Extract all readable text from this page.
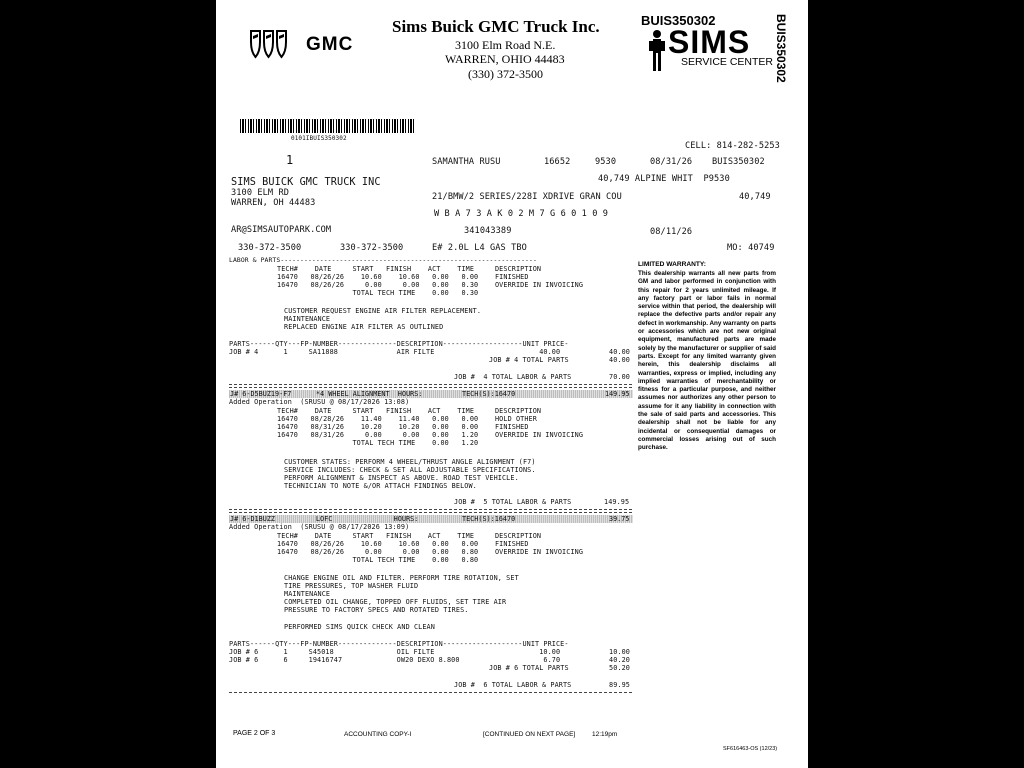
GMC
Sims Buick GMC Truck Inc.
3100 Elm Road N.E.
WARREN, OHIO 44483
(330) 372-3500
BUIS350302
SIMS
SERVICE CENTER BUIS350302
0101IBUIS350302
CELL: 814-282-5253
1	SAMANTHA RUSU	16652	9530	08/31/26 BUIS350302
SIMS BUICK GMC TRUCK INC
3100 ELM RD
WARREN, OH 44483
40,749 ALPINE WHIT  P9530
21/BMW/2 SERIES/228I XDRIVE GRAN COU	40,749
W B A 7 3 A K 0 2 M 7 G 6 0 1 0 9
AR@SIMSAUTOPARK.COM	341043389	08/11/26
330-372-3500	330-372-3500	E# 2.0L L4 GAS TBO	MO: 40749
LABOR & PARTS-----------------------------------------------------------------
TECH#    DATE     START   FINISH    ACT    TIME     DESCRIPTION
16470   08/26/26    10.60    10.60   0.00   0.00    FINISHED
16470   08/26/26     0.00     0.00   0.00   0.30    OVERRIDE IN INVOICING
TOTAL TECH TIME    0.00   0.30
CUSTOMER REQUEST ENGINE AIR FILTER REPLACEMENT.
MAINTENANCE
REPLACED ENGINE AIR FILTER AS OUTLINED
PARTS------QTY---FP-NUMBER--------------DESCRIPTION-------------------UNIT PRICE-
JOB # 4      1     SA11888              AIR FILTE                         40.00	40.00
JOB # 4 TOTAL PARTS	40.00
JOB #  4 TOTAL LABOR & PARTS	70.00
J# 6-D5BUZ19-F7      *4 WHEEL ALIGNMENT  HOURS:	TECH(S):16470	149.95
Added Operation  (SRUSU @ 08/17/2026 13:08)
TECH#    DATE     START   FINISH    ACT    TIME     DESCRIPTION
16470   08/28/26    11.40    11.40   0.00   0.00    HOLD OTHER
16470   08/31/26    10.20    10.20   0.00   0.00    FINISHED
16470   08/31/26     0.00     0.00   0.00   1.20    OVERRIDE IN INVOICING
TOTAL TECH TIME    0.00   1.20
CUSTOMER STATES: PERFORM 4 WHEEL/THRUST ANGLE ALIGNMENT (F7)
SERVICE INCLUDES: CHECK & SET ALL ADJUSTABLE SPECIFICATIONS.
PERFORM ALIGNMENT & INSPECT AS ABOVE. ROAD TEST VEHICLE.
TECHNICIAN TO NOTE &/OR ATTACH FINDINGS BELOW.
JOB #  5 TOTAL LABOR & PARTS	149.95
J# 6-D1BUZZ          LOFC               HOURS:	TECH(S):16470	39.75
Added Operation  (SRUSU @ 08/17/2026 13:09)
TECH#    DATE     START   FINISH    ACT    TIME     DESCRIPTION
16470   08/26/26    10.60    10.60   0.00   0.00    FINISHED
16470   08/26/26     0.00     0.00   0.00   0.80    OVERRIDE IN INVOICING
TOTAL TECH TIME    0.00   0.80
CHANGE ENGINE OIL AND FILTER. PERFORM TIRE ROTATION, SET
TIRE PRESSURES, TOP WASHER FLUID
MAINTENANCE
COMPLETED OIL CHANGE, TOPPED OFF FLUIDS, SET TIRE AIR
PRESSURE TO FACTORY SPECS AND ROTATED TIRES.
PERFORMED SIMS QUICK CHECK AND CLEAN
PARTS------QTY---FP-NUMBER--------------DESCRIPTION-------------------UNIT PRICE-
JOB # 6      1     S45018               OIL FILTE                         10.00	10.00
JOB # 6      6     19416747             OW20 DEXO 8.800                    6.70	40.20
JOB # 6 TOTAL PARTS	50.20
JOB #  6 TOTAL LABOR & PARTS	89.95
LIMITED WARRANTY:
This dealership warrants all new parts from GM and labor performed in conjunction with this repair for 2 years unlimited mileage. If any factory part or labor fails in normal service within that period, the dealership will replace the defective parts and/or repair any defect in workmanship. Any warranty on parts or accessories which are not new original equipment, manufactured parts are made solely by the manufacturer or supplier of said parts. Except for any limited warranty given herein, this dealership disclaims all warranties, express or implied, including any implied warranties of merchantability or fitness for a particular purpose, and neither assumes nor authorizes any other person to assume for it any liability in connection with the sale of said parts and accessories. This dealership shall not be liable for any incidental or consequential damages or commercial losses arising out of such purchase.
PAGE 2 OF 3	ACCOUNTING COPY-I	[CONTINUED ON NEXT PAGE]	12:19pm
SF616463-OS (12/23)
